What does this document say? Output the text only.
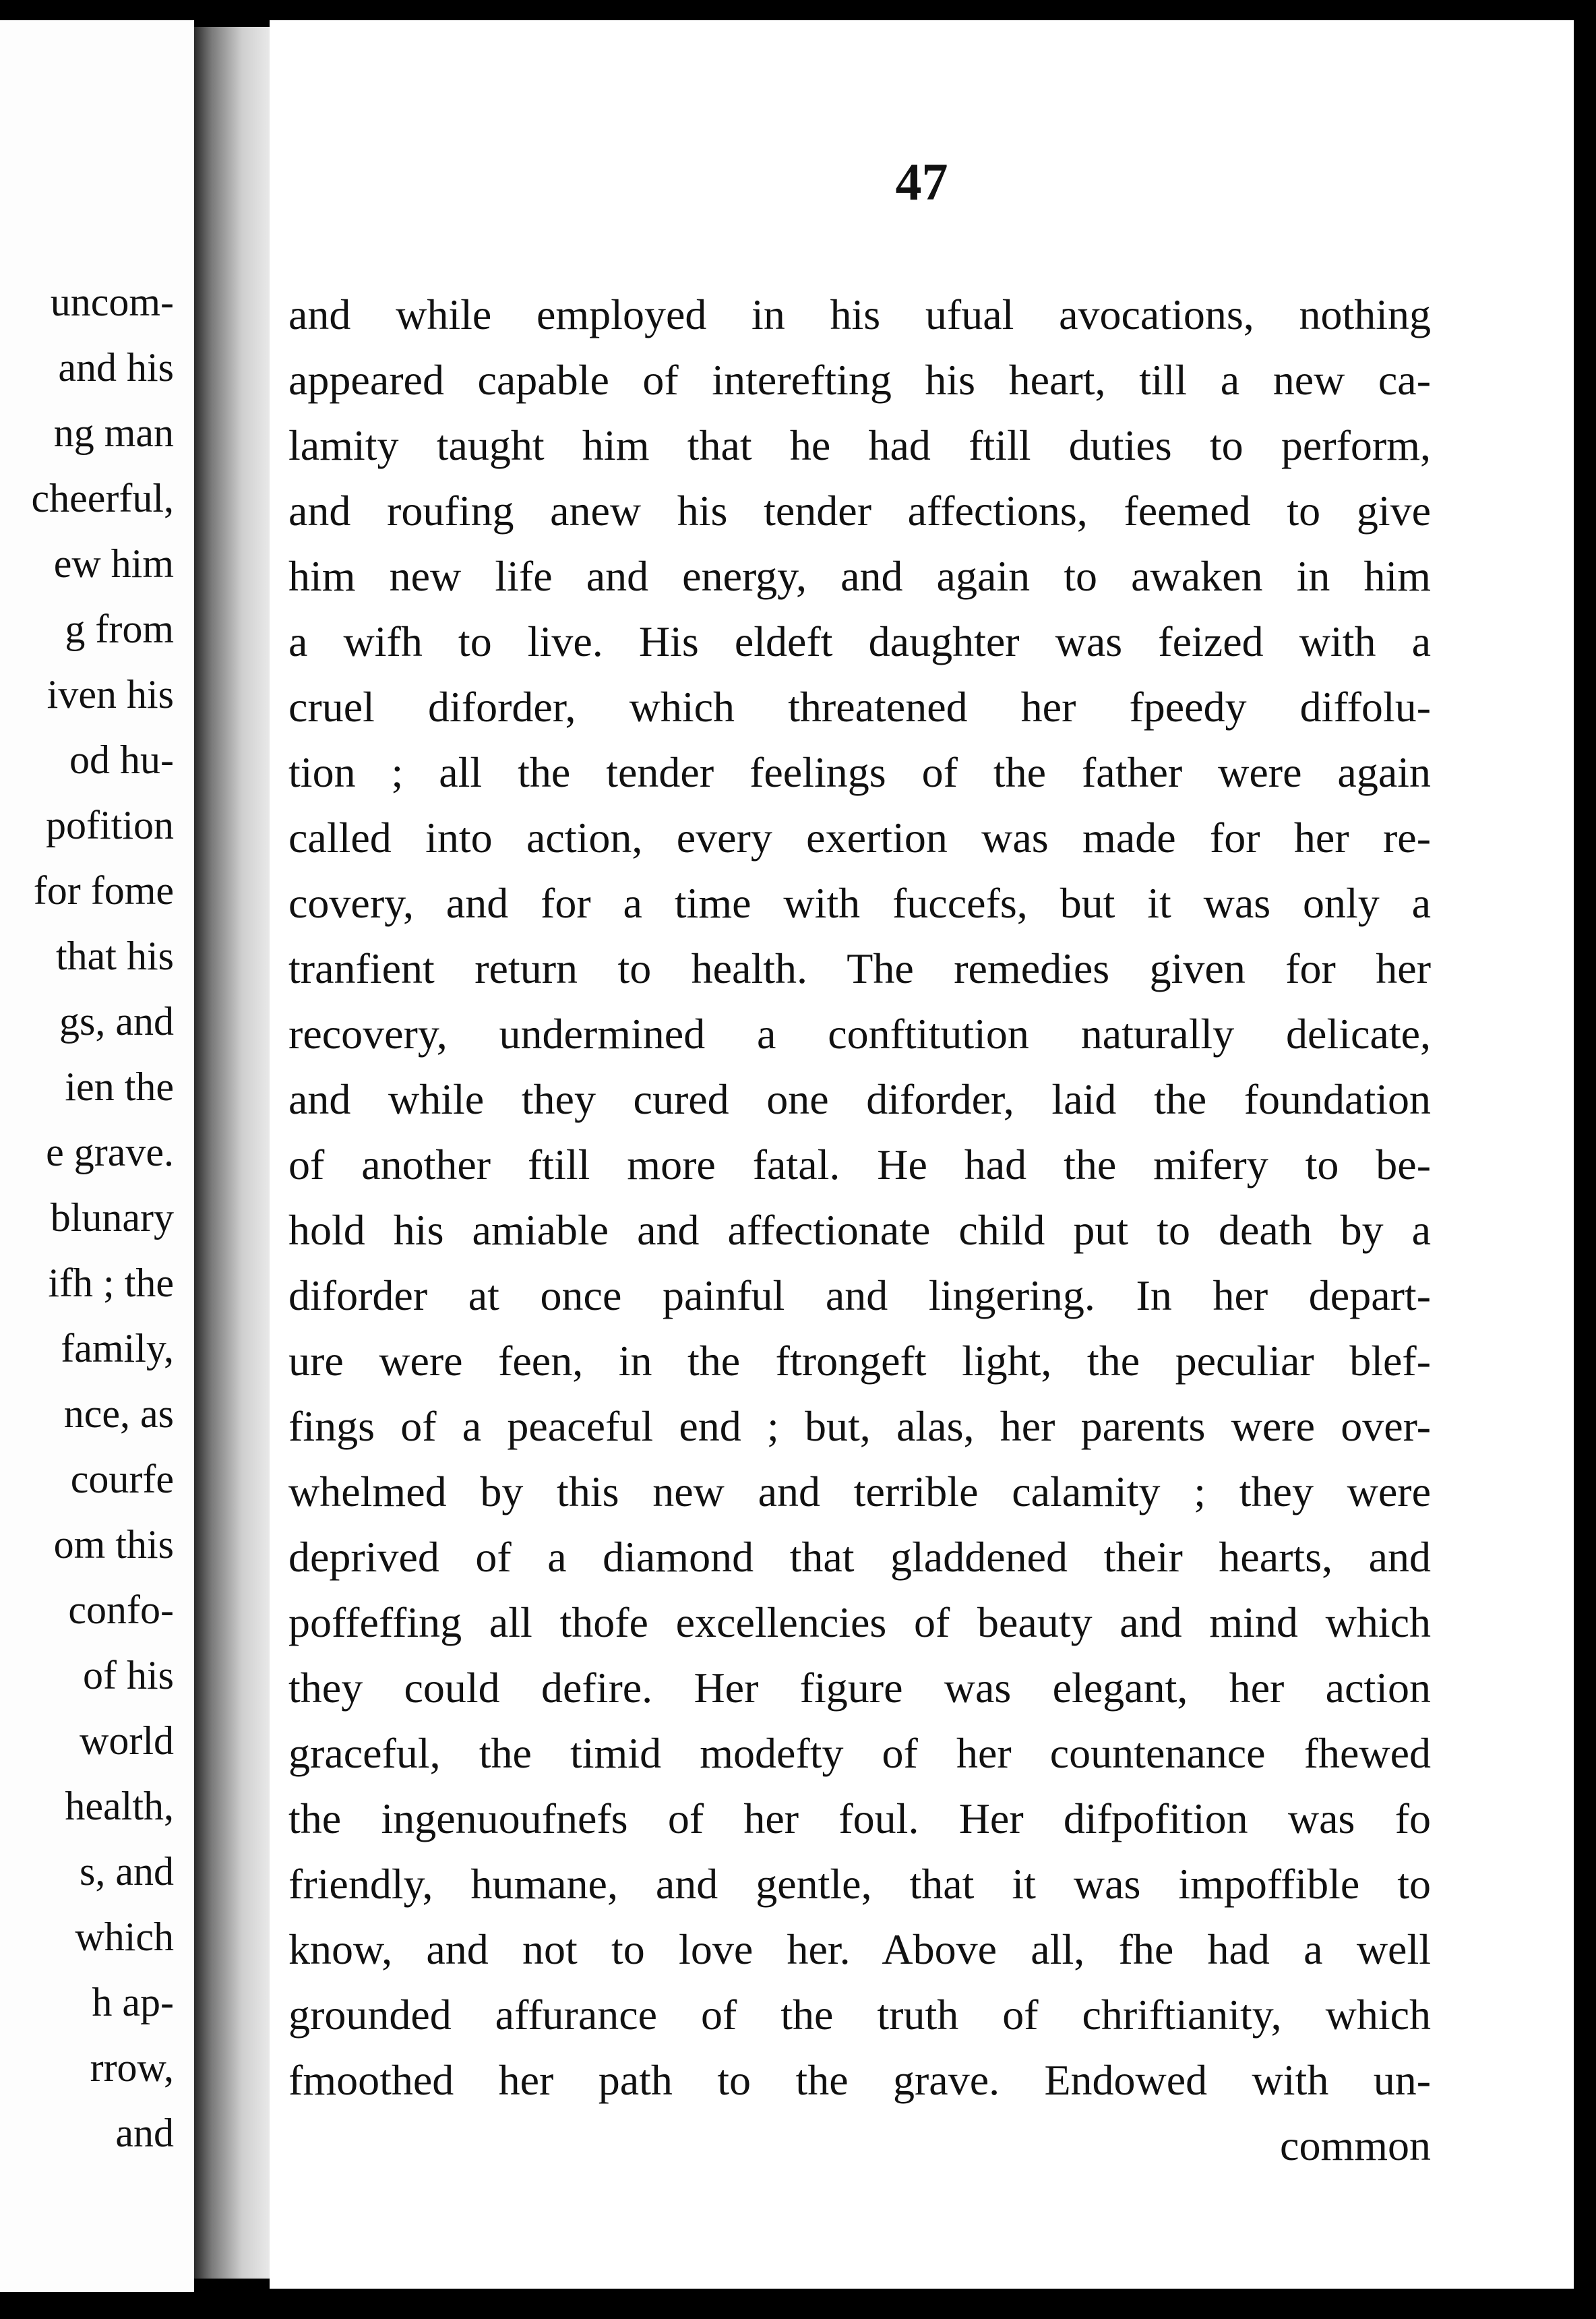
uncom-
and his
ng man
cheerful,
ew him
g from
iven his
od hu-
pofition
for fome
that his
gs, and
ien the
e grave.
blunary
ifh ; the
family,
nce, as
courfe
om this
confo-
of his
world
health,
s, and
which
h ap-
rrow,
and
47
and while employed in his ufual avocations, nothing
appeared capable of interefting his heart, till a new ca-
lamity taught him that he had ftill duties to perform,
and roufing anew his tender affections, feemed to give
him new life and energy, and again to awaken in him
a wifh to live. His eldeft daughter was feized with a
cruel diforder, which threatened her fpeedy diffolu-
tion ; all the tender feelings of the father were again
called into action, every exertion was made for her re-
covery, and for a time with fuccefs, but it was only a
tranfient return to health. The remedies given for her
recovery, undermined a conftitution naturally delicate,
and while they cured one diforder, laid the foundation
of another ftill more fatal. He had the mifery to be-
hold his amiable and affectionate child put to death by a
diforder at once painful and lingering. In her depart-
ure were feen, in the ftrongeft light, the peculiar blef-
fings of a peaceful end ; but, alas, her parents were over-
whelmed by this new and terrible calamity ; they were
deprived of a diamond that gladdened their hearts, and
poffeffing all thofe excellencies of beauty and mind which
they could defire. Her figure was elegant, her action
graceful, the timid modefty of her countenance fhewed
the ingenuoufnefs of her foul. Her difpofition was fo
friendly, humane, and gentle, that it was impoffible to
know, and not to love her. Above all, fhe had a well
grounded affurance of the truth of chriftianity, which
fmoothed her path to the grave. Endowed with un-
common
